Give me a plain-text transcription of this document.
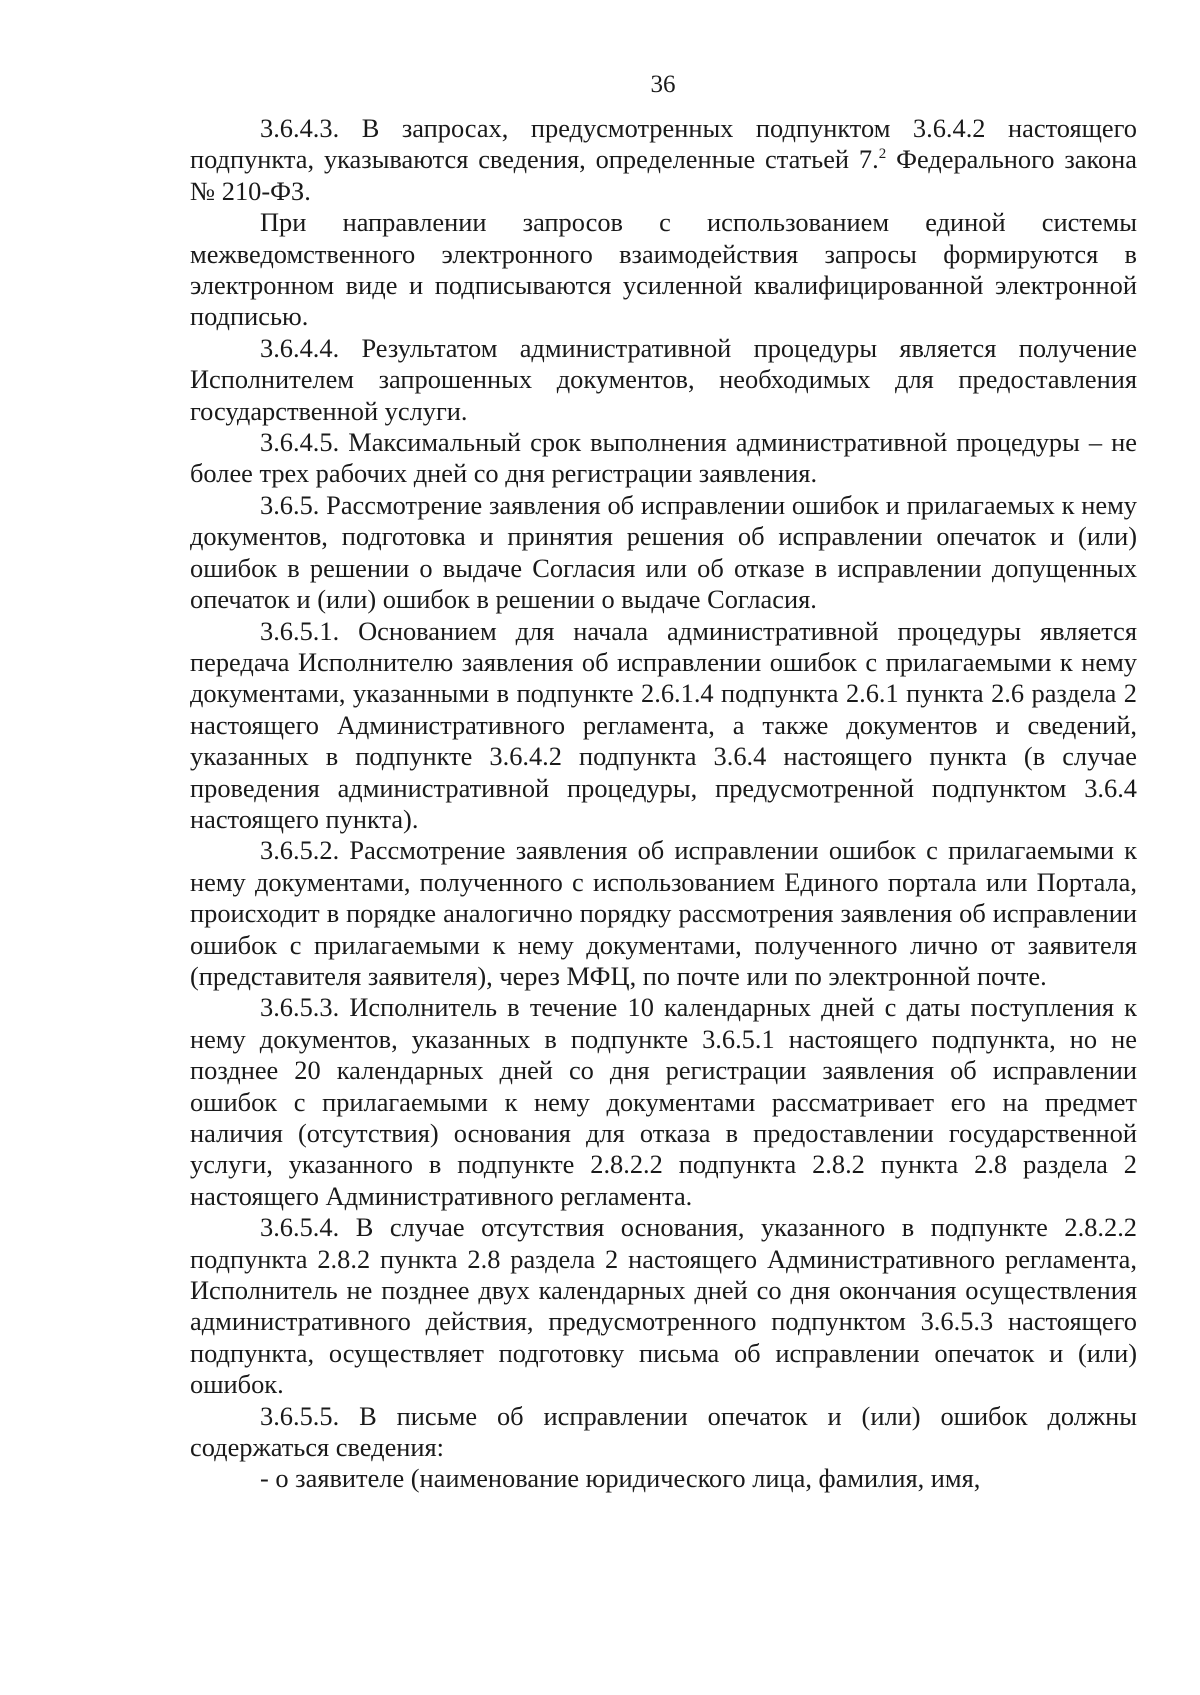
36

3.6.4.3. В запросах, предусмотренных подпунктом 3.6.4.2 настоящего подпункта, указываются сведения, определенные статьей 7.$^2$ Федерального закона № 210-ФЗ.

При направлении запросов с использованием единой системы межведомственного электронного взаимодействия запросы формируются в электронном виде и подписываются усиленной квалифицированной электронной подписью.

3.6.4.4. Результатом административной процедуры является получение Исполнителем запрошенных документов, необходимых для предоставления государственной услуги.

3.6.4.5. Максимальный срок выполнения административной процедуры – не более трех рабочих дней со дня регистрации заявления.

3.6.5. Рассмотрение заявления об исправлении ошибок и прилагаемых к нему документов, подготовка и принятия решения об исправлении опечаток и (или) ошибок в решении о выдаче Согласия или об отказе в исправлении допущенных опечаток и (или) ошибок в решении о выдаче Согласия.

3.6.5.1. Основанием для начала административной процедуры является передача Исполнителю заявления об исправлении ошибок с прилагаемыми к нему документами, указанными в подпункте 2.6.1.4 подпункта 2.6.1 пункта 2.6 раздела 2 настоящего Административного регламента, а также документов и сведений, указанных в подпункте 3.6.4.2 подпункта 3.6.4 настоящего пункта (в случае проведения административной процедуры, предусмотренной подпунктом 3.6.4 настоящего пункта).

3.6.5.2. Рассмотрение заявления об исправлении ошибок с прилагаемыми к нему документами, полученного с использованием Единого портала или Портала, происходит в порядке аналогично порядку рассмотрения заявления об исправлении ошибок с прилагаемыми к нему документами, полученного лично от заявителя (представителя заявителя), через МФЦ, по почте или по электронной почте.

3.6.5.3. Исполнитель в течение 10 календарных дней с даты поступления к нему документов, указанных в подпункте 3.6.5.1 настоящего подпункта, но не позднее 20 календарных дней со дня регистрации заявления об исправлении ошибок с прилагаемыми к нему документами рассматривает его на предмет наличия (отсутствия) основания для отказа в предоставлении государственной услуги, указанного в подпункте 2.8.2.2 подпункта 2.8.2 пункта 2.8 раздела 2 настоящего Административного регламента.

3.6.5.4. В случае отсутствия основания, указанного в подпункте 2.8.2.2 подпункта 2.8.2 пункта 2.8 раздела 2 настоящего Административного регламента, Исполнитель не позднее двух календарных дней со дня окончания осуществления административного действия, предусмотренного подпунктом 3.6.5.3 настоящего подпункта, осуществляет подготовку письма об исправлении опечаток и (или) ошибок.

3.6.5.5. В письме об исправлении опечаток и (или) ошибок должны содержаться сведения:

- о заявителе (наименование юридического лица, фамилия, имя,
